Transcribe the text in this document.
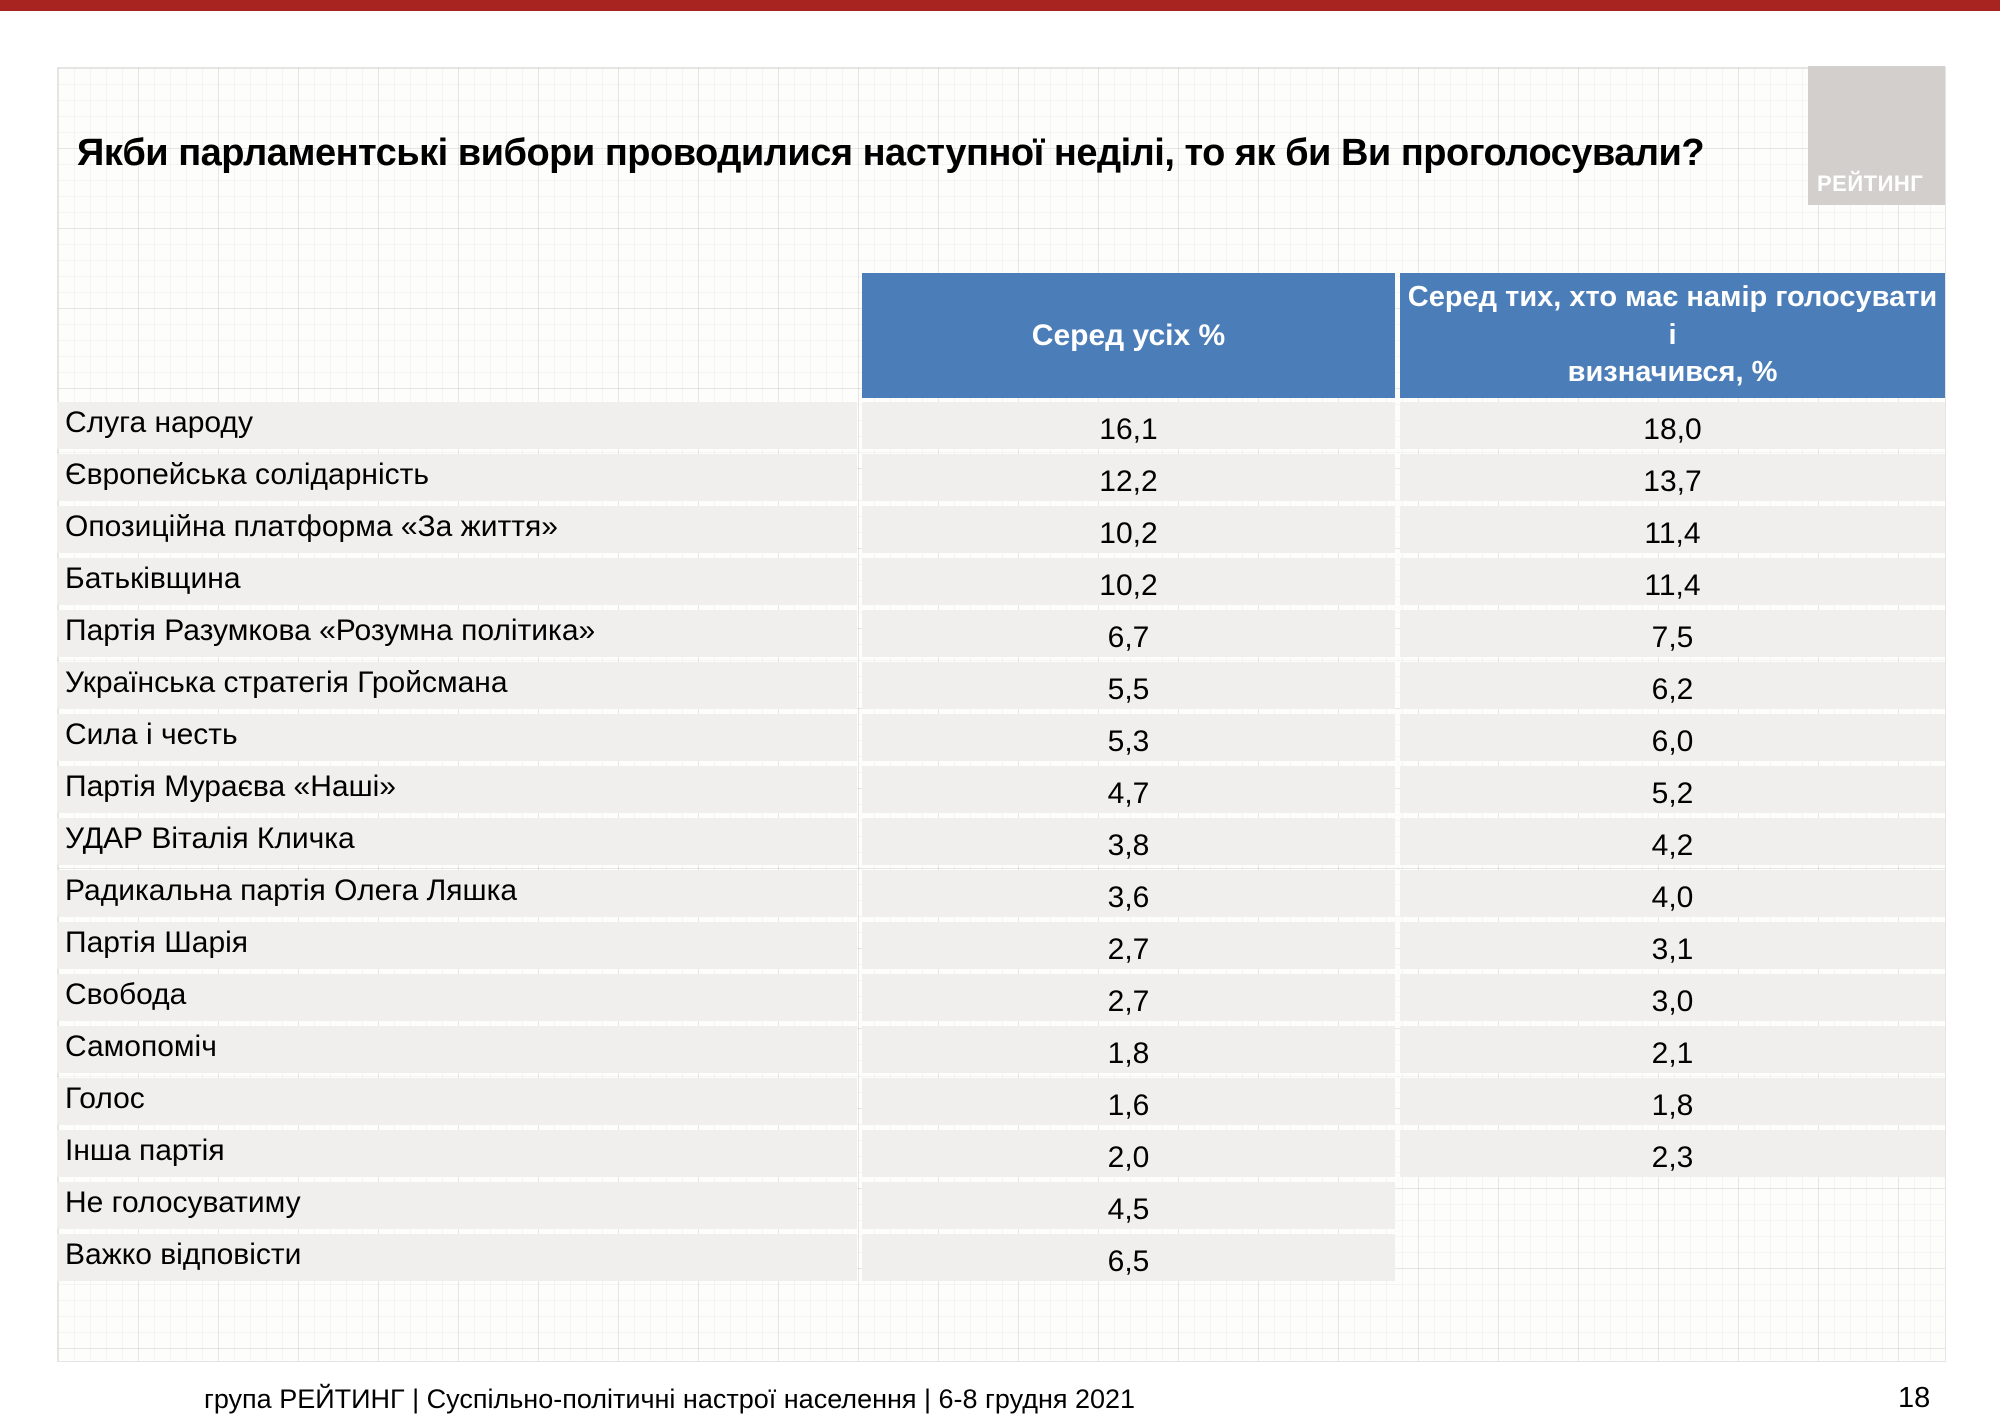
Якби парламентські вибори проводилися наступної неділі, то як би Ви проголосували?
РЕЙТИНГ
Серед усіх %
Серед тих, хто має намір голосувати і
визначився, %
Слуга народу	16,1	18,0
Європейська солідарність	12,2	13,7
Опозиційна платформа «За життя»	10,2	11,4
Батьківщина	10,2	11,4
Партія Разумкова «Розумна політика»	6,7	7,5
Українська стратегія Гройсмана	5,5	6,2
Сила і честь	5,3	6,0
Партія Мураєва «Наші»	4,7	5,2
УДАР Віталія Кличка	3,8	4,2
Радикальна партія Олега Ляшка	3,6	4,0
Партія Шарія	2,7	3,1
Свобода	2,7	3,0
Самопоміч	1,8	2,1
Голос	1,6	1,8
Інша партія	2,0	2,3
Не голосуватиму	4,5
Важко відповісти	6,5
група РЕЙТИНГ | Суспільно-політичні настрої населення | 6-8 грудня 2021	18
